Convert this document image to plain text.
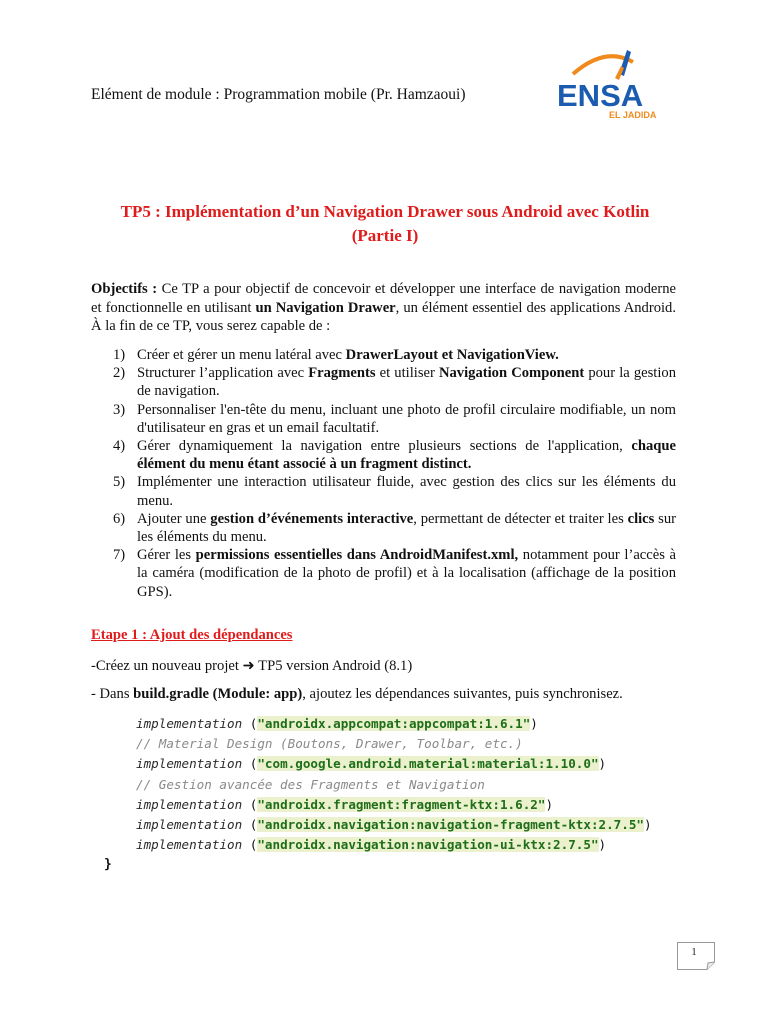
Elément de module : Programmation mobile (Pr. Hamzaoui)	ENSA
EL JADIDA
TP5 : Implémentation d’un Navigation Drawer sous Android avec Kotlin
(Partie I)

Objectifs : Ce TP a pour objectif de concevoir et développer une interface de navigation moderne et fonctionnelle en utilisant un Navigation Drawer, un élément essentiel des applications Android. À la fin de ce TP, vous serez capable de :

1) Créer et gérer un menu latéral avec DrawerLayout et NavigationView.
2) Structurer l’application avec Fragments et utiliser Navigation Component pour la gestion de navigation.
3) Personnaliser l'en-tête du menu, incluant une photo de profil circulaire modifiable, un nom d'utilisateur en gras et un email facultatif.
4) Gérer dynamiquement la navigation entre plusieurs sections de l'application, chaque élément du menu étant associé à un fragment distinct.
5) Implémenter une interaction utilisateur fluide, avec gestion des clics sur les éléments du menu.
6) Ajouter une gestion d’événements interactive, permettant de détecter et traiter les clics sur les éléments du menu.
7) Gérer les permissions essentielles dans AndroidManifest.xml, notamment pour l’accès à la caméra (modification de la photo de profil) et à la localisation (affichage de la position GPS).
Etape 1 : Ajout des dépendances
-Créez un nouveau projet ➜ TP5 version Android (8.1)
- Dans build.gradle (Module: app), ajoutez les dépendances suivantes, puis synchronisez.
implementation ("androidx.appcompat:appcompat:1.6.1")
// Material Design (Boutons, Drawer, Toolbar, etc.)
implementation ("com.google.android.material:material:1.10.0")
// Gestion avancée des Fragments et Navigation
implementation ("androidx.fragment:fragment-ktx:1.6.2")
implementation ("androidx.navigation:navigation-fragment-ktx:2.7.5")
implementation ("androidx.navigation:navigation-ui-ktx:2.7.5")
}
1
